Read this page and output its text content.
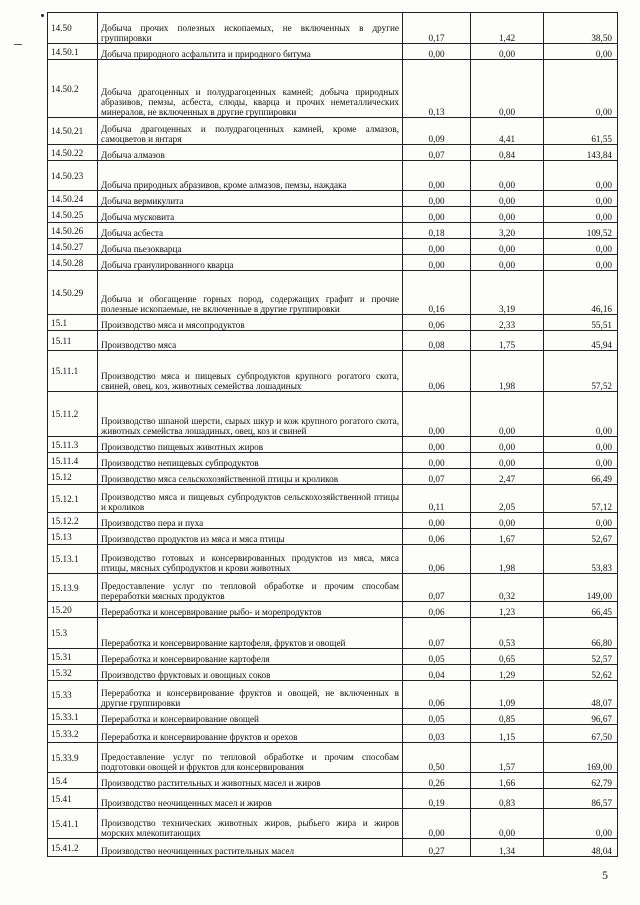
14.50	Добыча прочих полезных ископаемых, не включенных в другие группировки	0,17	1,42	38,50
14.50.1	Добыча природного асфальтита и природного битума	0,00	0,00	0,00
14.50.2	Добыча драгоценных и полудрагоценных камней; добыча природных абразивов, пемзы, асбеста, слюды, кварца и прочих неметаллических минералов, не включенных в другие группировки	0,13	0,00	0,00
14.50.21	Добыча драгоценных и полудрагоценных камней, кроме алмазов, самоцветов и янтаря	0,09	4,41	61,55
14.50.22	Добыча алмазов	0,07	0,84	143,84
14.50.23	Добыча природных абразивов, кроме алмазов, пемзы, наждака	0,00	0,00	0,00
14.50.24	Добыча вермикулита	0,00	0,00	0,00
14.50.25	Добыча мусковита	0,00	0,00	0,00
14.50.26	Добыча асбеста	0,18	3,20	109,52
14.50.27	Добыча пьезокварца	0,00	0,00	0,00
14.50.28	Добыча гранулированного кварца	0,00	0,00	0,00
14.50.29	Добыча и обогащение горных пород, содержащих графит и прочие полезные ископаемые, не включенные в другие группировки	0,16	3,19	46,16
15.1	Производство мяса и мясопродуктов	0,06	2,33	55,51
15.11	Производство мяса	0,08	1,75	45,94
15.11.1	Производство мяса и пищевых субпродуктов крупного рогатого скота, свиней, овец, коз, животных семейства лошадиных	0,06	1,98	57,52
15.11.2	Производство шпаной шерсти, сырых шкур и кож крупного рогатого скота, животных семейства лошадиных, овец, коз и свиней	0,00	0,00	0,00
15.11.3	Производство пищевых животных жиров	0,00	0,00	0,00
15.11.4	Производство непищевых субпродуктов	0,00	0,00	0,00
15.12	Производство мяса сельскохозяйственной птицы и кроликов	0,07	2,47	66,49
15.12.1	Производство мяса и пищевых субпродуктов сельскохозяйственной птицы и кроликов	0,11	2,05	57,12
15.12.2	Производство пера и пуха	0,00	0,00	0,00
15.13	Производство продуктов из мяса и мяса птицы	0,06	1,67	52,67
15.13.1	Производство готовых и консервированных продуктов из мяса, мяса птицы, мясных субпродуктов и крови животных	0,06	1,98	53,83
15.13.9	Предоставление услуг по тепловой обработке и прочим способам переработки мясных продуктов	0,07	0,32	149,00
15.20	Переработка и консервирование рыбо- и морепродуктов	0,06	1,23	66,45
15.3	Переработка и консервирование картофеля, фруктов и овощей	0,07	0,53	66,80
15.31	Переработка и консервирование картофеля	0,05	0,65	52,57
15.32	Производство фруктовых и овощных соков	0,04	1,29	52,62
15.33	Переработка и консервирование фруктов и овощей, не включенных в другие группировки	0,06	1,09	48,07
15.33.1	Переработка и консервирование овощей	0,05	0,85	96,67
15.33.2	Переработка и консервирование фруктов и орехов	0,03	1,15	67,50
15.33.9	Предоставление услуг по тепловой обработке и прочим способам подготовки овощей и фруктов для консервирования	0,50	1,57	169,00
15.4	Производство растительных и животных масел и жиров	0,26	1,66	62,79
15.41	Производство неочищенных масел и жиров	0,19	0,83	86,57
15.41.1	Производство технических животных жиров, рыбьего жира и жиров морских млекопитающих	0,00	0,00	0,00
15.41.2	Производство неочищенных растительных масел	0,27	1,34	48,04
5
